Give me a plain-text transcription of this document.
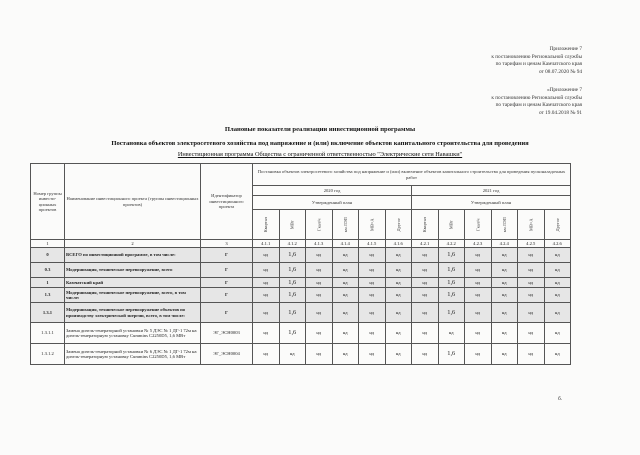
Приложение 7
к постановлению Региональной службы
по тарифам и ценам Камчатского края
от 08.07.2020 № 94
«Приложение 7
к постановлению Региональной службы
по тарифам и ценам Камчатского края
от 19.04.2018 № 91
Плановые показатели реализации инвестиционной программы
Постановка объектов электросетевого хозяйства под напряжение и (или) включение объектов капитального строительства для проведения
Инвестиционная программа Общества с ограниченной ответственностью "Электрические сети Навашки"
Номер группы инвести-ционных проектов	Наименование инвестиционного проекта (группы инвестиционных проектов)	Идентификатор инвестиционного проекта	Постановка объектов электросетевого хозяйства под напряжение и (или) включение объектов капитального строительства для проведения пусконаладочных работ											
			2020 год						2021 год					
			Утвержденный план						Утвержденный план					
			Квартал	МВт	Гкал/ч	км ЛЭП	МВ×А	Другое	Квартал	МВт	Гкал/ч	км ЛЭП	МВ×А	Другое
1	2	3	4.1.1	4.1.2	4.1.3	4.1.4	4.1.5	4.1.6	4.2.1	4.2.2	4.2.3	4.2.4	4.2.5	4.2.6
0	ВСЕГО по инвестиционной программе, в том числе:	Г	нд	1,6	нд	нд	нд	нд	нд	1,6	нд	нд	нд	нд
0.3	Модернизация, техническое перевооружение, всего	Г	нд	1,6	нд	нд	нд	нд	нд	1,6	нд	нд	нд	нд
1	Камчатский край	Г	нд	1,6	нд	нд	нд	нд	нд	1,6	нд	нд	нд	нд
1.3	Модернизация, техническое перевооружение, всего, в том числе:	Г	нд	1,6	нд	нд	нд	нд	нд	1,6	нд	нд	нд	нд
1.3.1	Модернизация, техническое перевооружение объектов по производству электрической энергии, всего, в том числе:	Г	нд	1,6	нд	нд	нд	нд	нд	1,6	нд	нд	нд	нд
1.3.1.1	Замена дизель-генераторной установки № 5 ДЭС № 1 ДГ-1 72м на дизель-генераторную установку Cummins C2250D5, 1,6 МВт	ЭГ_ЭСН0003	нд	1,6	нд	нд	нд	нд	нд	нд	нд	нд	нд	нд
1.3.1.2	Замена дизель-генераторной установки № 6 ДЭС № 1 ДГ-1 72м на дизель-генераторную установку Cummins C2250D5, 1,6 МВт	ЭГ_ЭСН0004	нд	нд	нд	нд	нд	нд	нд	1,6	нд	нд	нд	нд
б.
